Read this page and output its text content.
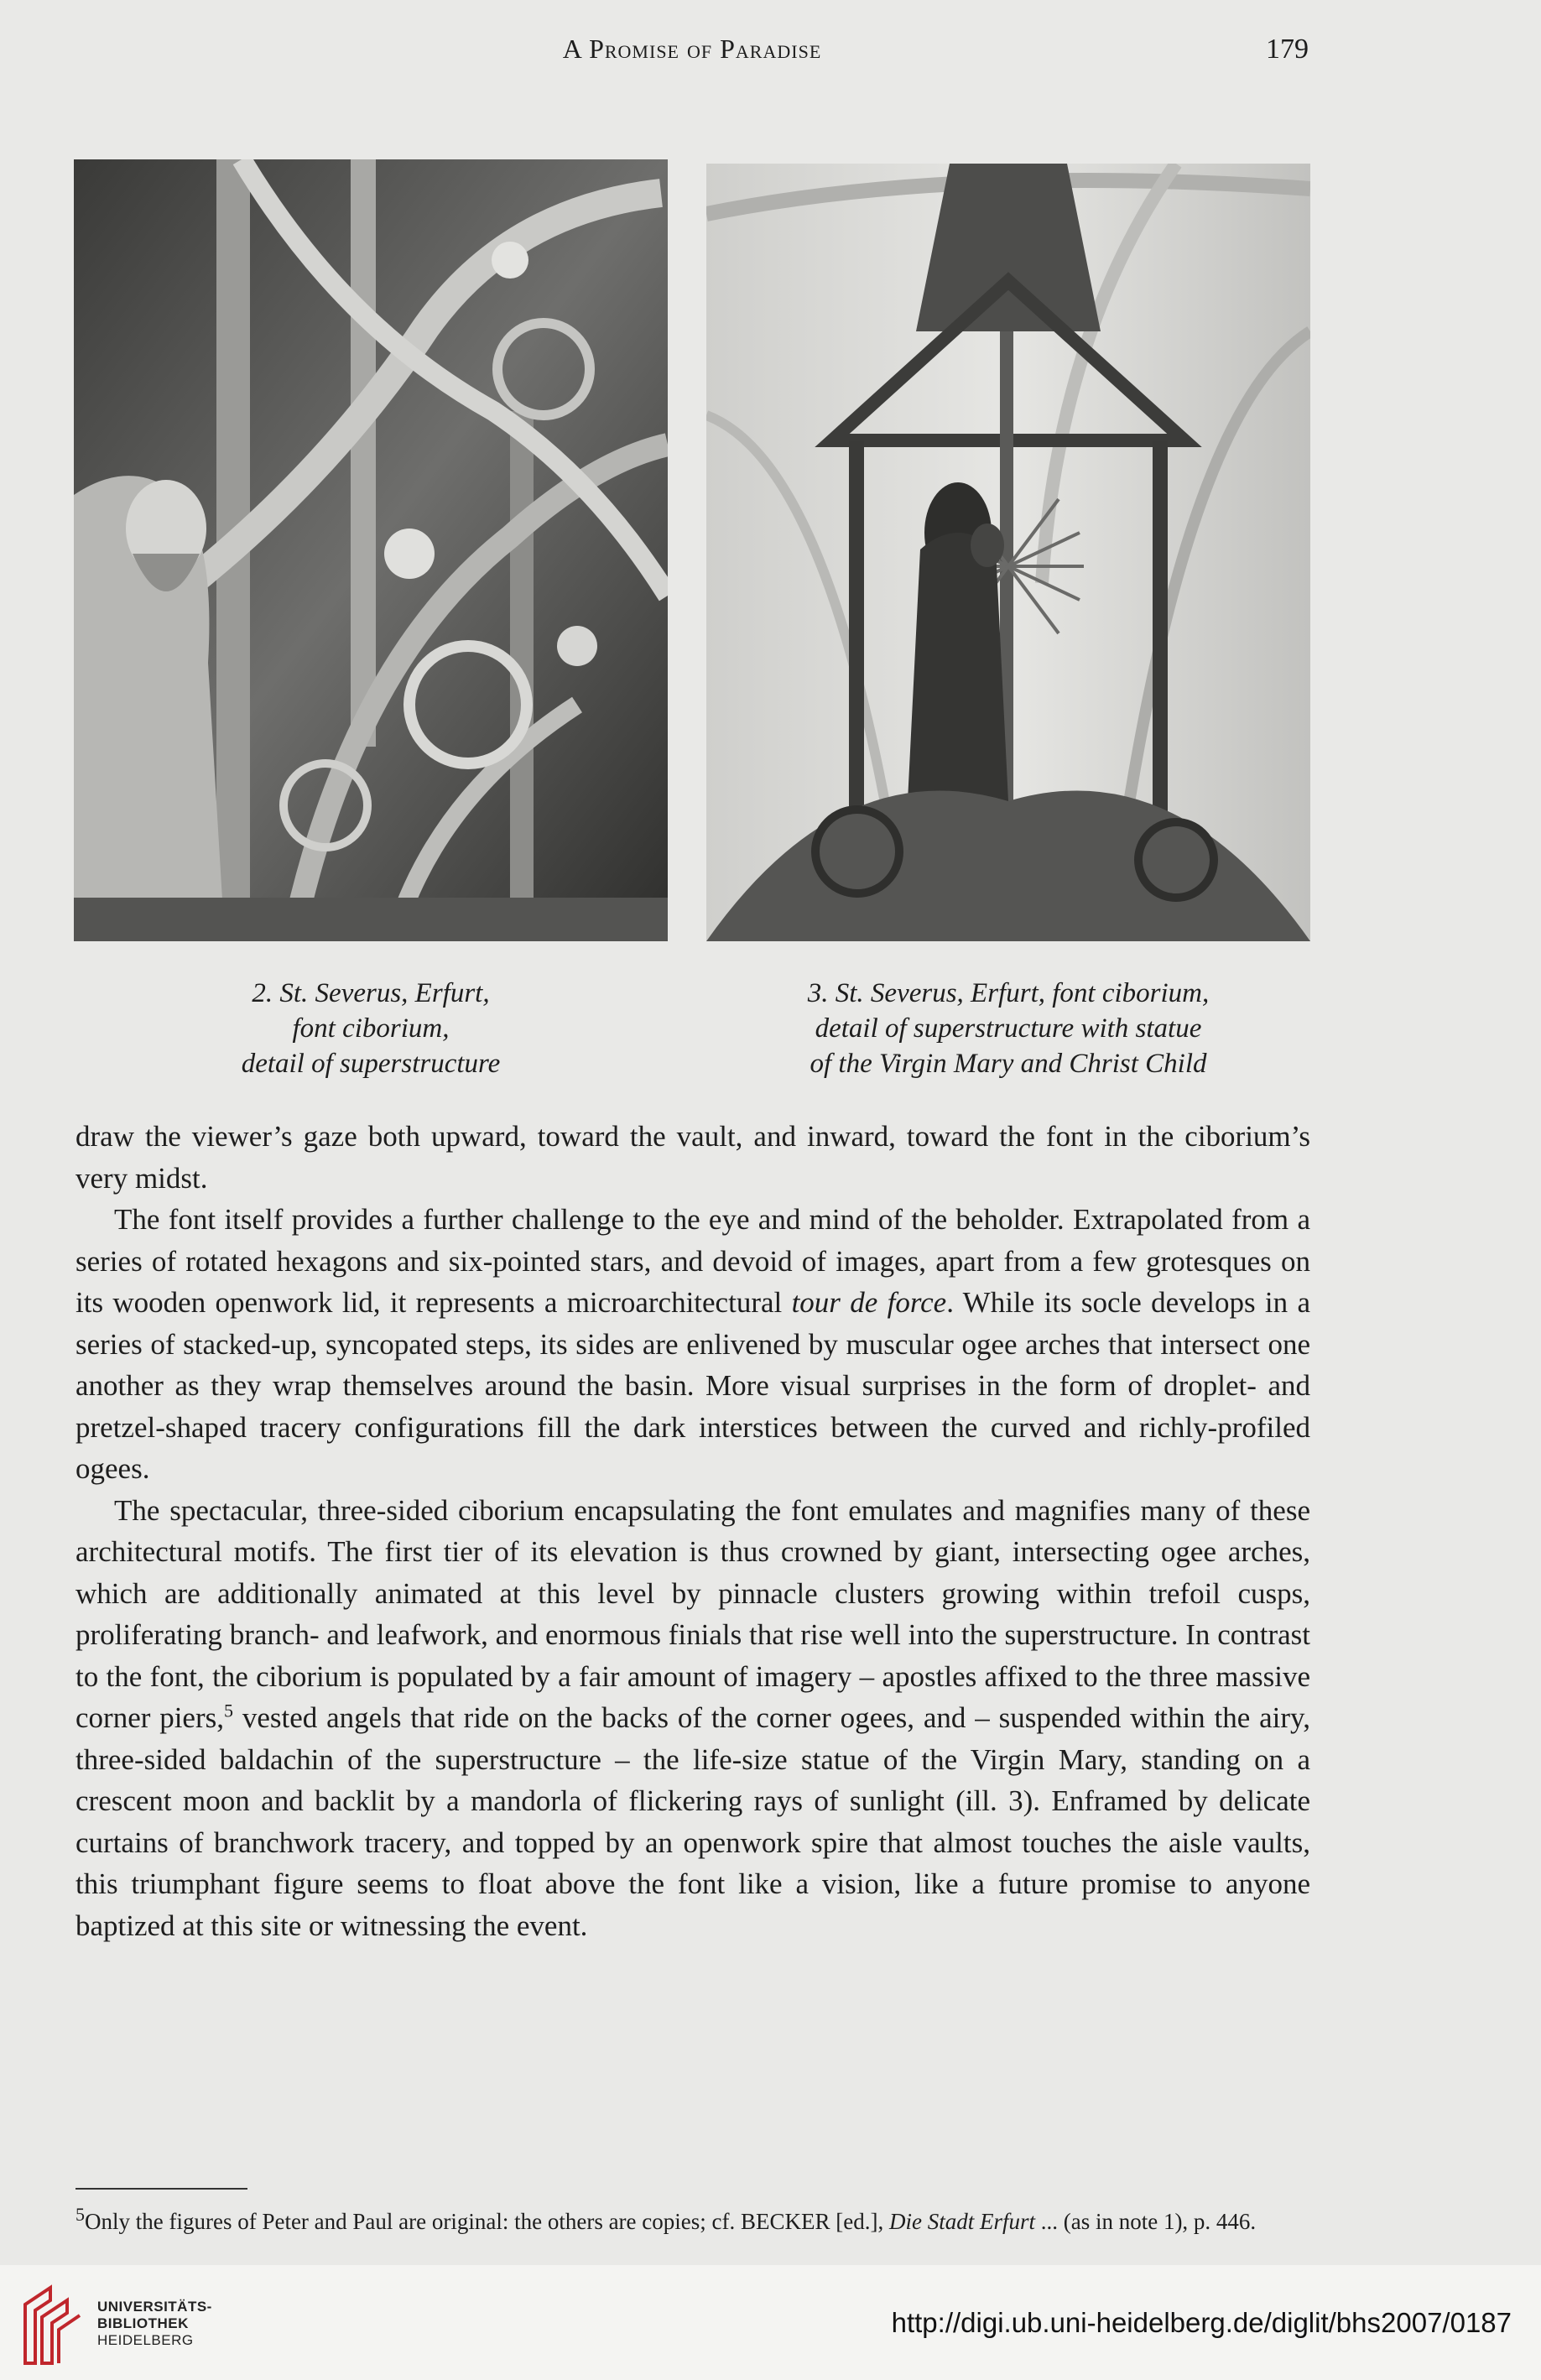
A Promise of Paradise	179
2. St. Severus, Erfurt,
font ciborium,
detail of superstructure
3. St. Severus, Erfurt, font ciborium,
detail of superstructure with statue
of the Virgin Mary and Christ Child

draw the viewer’s gaze both upward, toward the vault, and inward, toward the font in the ciborium’s very midst.

The font itself provides a further challenge to the eye and mind of the beholder. Extrapolated from a series of rotated hexagons and six-pointed stars, and devoid of images, apart from a few grotesques on its wooden openwork lid, it represents a microarchitectural tour de force. While its socle develops in a series of stacked-up, syncopated steps, its sides are enlivened by muscular ogee arches that intersect one another as they wrap themselves around the basin. More visual surprises in the form of droplet- and pretzel-shaped tracery configurations fill the dark interstices between the curved and richly-profiled ogees.

The spectacular, three-sided ciborium encapsulating the font emulates and magnifies many of these architectural motifs. The first tier of its elevation is thus crowned by giant, intersecting ogee arches, which are additionally animated at this level by pinnacle clusters growing within trefoil cusps, proliferating branch- and leafwork, and enormous finials that rise well into the superstructure. In contrast to the font, the ciborium is populated by a fair amount of imagery – apostles affixed to the three massive corner piers,$^5$ vested angels that ride on the backs of the corner ogees, and – suspended within the airy, three-sided baldachin of the superstructure – the life-size statue of the Virgin Mary, standing on a crescent moon and backlit by a mandorla of flickering rays of sunlight (ill. 3). Enframed by delicate curtains of branchwork tracery, and topped by an openwork spire that almost touches the aisle vaults, this triumphant figure seems to float above the font like a vision, like a future promise to anyone baptized at this site or witnessing the event.

$^5$Only the figures of Peter and Paul are original: the others are copies; cf. BECKER [ed.], Die Stadt Erfurt ... (as in note 1), p. 446.
UNIVERSITÄTS-
BIBLIOTHEK
HEIDELBERG
http://digi.ub.uni-heidelberg.de/diglit/bhs2007/0187
